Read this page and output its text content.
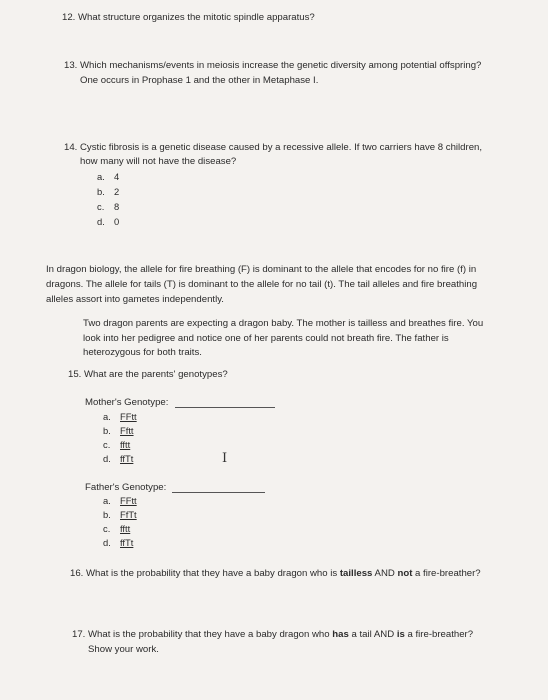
12. What structure organizes the mitotic spindle apparatus?
13. Which mechanisms/events in meiosis increase the genetic diversity among potential offspring?
One occurs in Prophase 1 and the other in Metaphase I.
14. Cystic fibrosis is a genetic disease caused by a recessive allele. If two carriers have 8 children,
how many will not have the disease?
a. 4
b. 2
c. 8
d. 0
In dragon biology, the allele for fire breathing (F) is dominant to the allele that encodes for no fire (f) in
dragons. The allele for tails (T) is dominant to the allele for no tail (t). The tail alleles and fire breathing
alleles assort into gametes independently.
Two dragon parents are expecting a dragon baby. The mother is tailless and breathes fire. You
look into her pedigree and notice one of her parents could not breath fire. The father is
heterozygous for both traits.
15. What are the parents' genotypes?
Mother's Genotype:
a. FFtt
b. Fftt
c. fftt
d. ffTt	I
Father's Genotype:
a. FFtt
b. FfTt
c. fftt
d. ffTt
16. What is the probability that they have a baby dragon who is tailless AND not a fire-breather?
17. What is the probability that they have a baby dragon who has a tail AND is a fire-breather?
Show your work.
